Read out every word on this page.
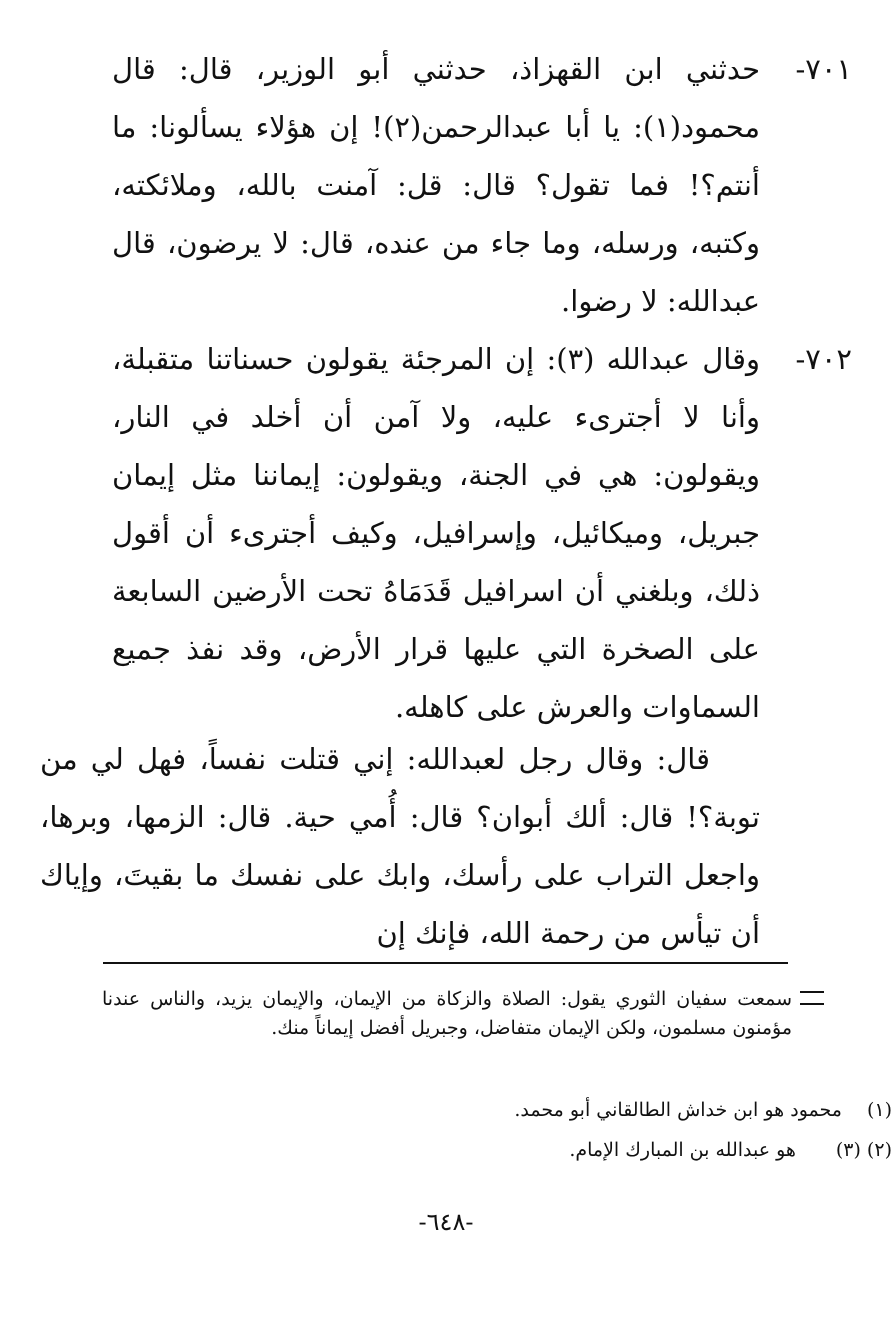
٧٠١-
حدثني ابن القهزاذ، حدثني أبو الوزير، قال: قال محمود(١): يا أبا عبدالرحمن(٢)! إن هؤلاء يسألونا: ما أنتم؟! فما تقول؟ قال: قل: آمنت بالله، وملائكته، وكتبه، ورسله، وما جاء من عنده، قال: لا يرضون، قال عبدالله: لا رضوا.
٧٠٢-
وقال عبدالله (٣): إن المرجئة يقولون حسناتنا متقبلة، وأنا لا أجترىء عليه، ولا آمن أن أخلد في النار، ويقولون: هي في الجنة، ويقولون: إيماننا مثل إيمان جبريل، وميكائيل، وإسرافيل، وكيف أجترىء أن أقول ذلك، وبلغني أن اسرافيل قَدَمَاهُ تحت الأرضين السابعة على الصخرة التي عليها قرار الأرض، وقد نفذ جميع السماوات والعرش على كاهله.
قال: وقال رجل لعبدالله: إني قتلت نفساً، فهل لي من توبة؟! قال: ألك أبوان؟ قال: أُمي حية. قال: الزمها، وبرها، واجعل التراب على رأسك، وابك على نفسك ما بقيتَ، وإياك أن تيأس من رحمة الله، فإنك إن
سمعت سفيان الثوري يقول: الصلاة والزكاة من الإيمان، والإيمان يزيد، والناس عندنا مؤمنون مسلمون، ولكن الإيمان متفاضل، وجبريل أفضل إيماناً منك.
(١) محمود هو ابن خداش الطالقاني أبو محمد.
(٢) (٣) هو عبدالله بن المبارك الإمام.
-٦٤٨-
